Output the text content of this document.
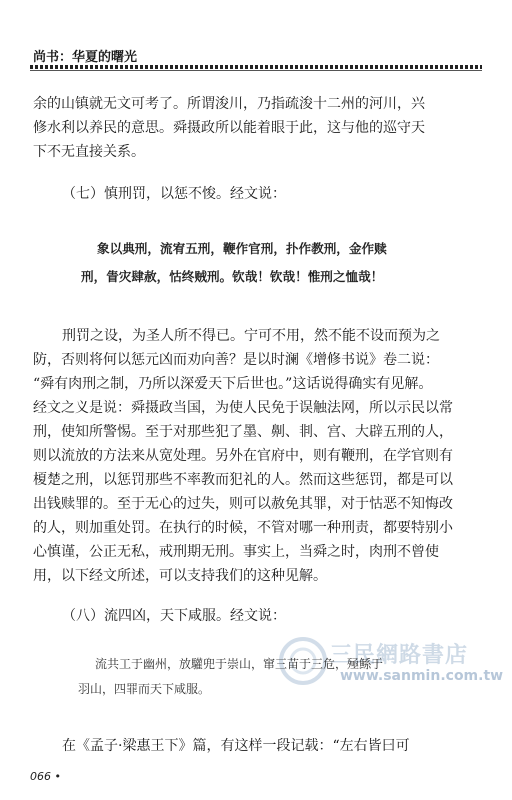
尚书：华夏的曙光
余的山镇就无文可考了。所谓浚川，乃指疏浚十二州的河川，兴
修水利以养民的意思。舜摄政所以能着眼于此，这与他的巡守天
下不无直接关系。
（七）慎刑罚，以惩不悛。经文说：
象以典刑，流宥五刑，鞭作官刑，扑作教刑，金作赎
刑，眚灾肆赦，怙终贼刑。钦哉！钦哉！惟刑之恤哉！
刑罚之设，为圣人所不得已。宁可不用，然不能不设而预为之
防，否则将何以惩元凶而劝向善？是以时澜《增修书说》卷二说：
“舜有肉刑之制，乃所以深爱天下后世也。”这话说得确实有见解。
经文之义是说：舜摄政当国，为使人民免于误触法网，所以示民以常
刑，使知所警惕。至于对那些犯了墨、劓、剕、宫、大辟五刑的人，
则以流放的方法来从宽处理。另外在官府中，则有鞭刑，在学官则有
榎楚之刑，以惩罚那些不率教而犯礼的人。然而这些惩罚，都是可以
出钱赎罪的。至于无心的过失，则可以赦免其罪，对于怙恶不知悔改
的人，则加重处罚。在执行的时候，不管对哪一种刑责，都要特别小
心慎谨，公正无私，戒刑期无刑。事实上，当舜之时，肉刑不曾使
用，以下经文所述，可以支持我们的这种见解。
（八）流四凶，天下咸服。经文说：
三民網路書店
www.sanmin.com.tw
流共工于幽州，放驩兜于崇山，窜三苗于三危，殛鲧于
羽山，四罪而天下咸服。
在《孟子·梁惠王下》篇，有这样一段记载：“左右皆曰可
066 •
